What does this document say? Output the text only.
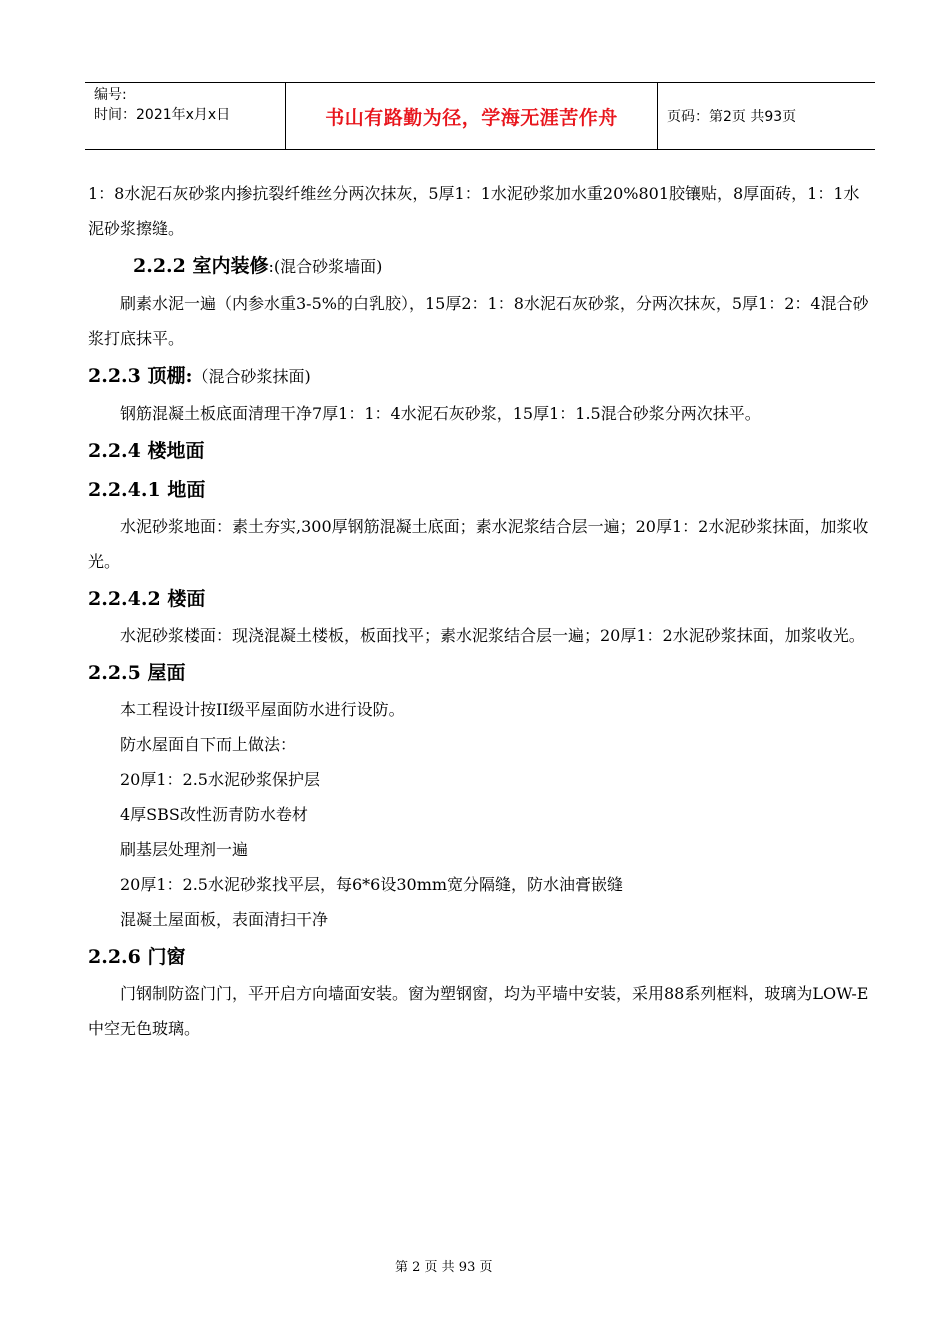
编号:
时间：2021年x月x日	书山有路勤为径，学海无涯苦作舟	页码：第2页 共93页

1：8水泥石灰砂浆内掺抗裂纤维丝分两次抹灰，5厚1：1水泥砂浆加水重20%801胶镶贴，8厚面砖，1：1水泥砂浆擦缝。

2.2.2 室内装修:(混合砂浆墙面)

刷素水泥一遍（内参水重3-5%的白乳胶），15厚2：1：8水泥石灰砂浆，分两次抹灰，5厚1：2：4混合砂浆打底抹平。

2.2.3 顶棚:（混合砂浆抹面)

钢筋混凝土板底面清理干净7厚1：1：4水泥石灰砂浆，15厚1：1.5混合砂浆分两次抹平。

2.2.4 楼地面
2.2.4.1 地面

水泥砂浆地面：素土夯实,300厚钢筋混凝土底面；素水泥浆结合层一遍；20厚1：2水泥砂浆抹面，加浆收光。

2.2.4.2 楼面

水泥砂浆楼面：现浇混凝土楼板，板面找平；素水泥浆结合层一遍；20厚1：2水泥砂浆抹面，加浆收光。

2.2.5 屋面

本工程设计按II级平屋面防水进行设防。

防水屋面自下而上做法：

20厚1：2.5水泥砂浆保护层

4厚SBS改性沥青防水卷材

刷基层处理剂一遍

20厚1：2.5水泥砂浆找平层，每6*6设30mm宽分隔缝，防水油膏嵌缝

混凝土屋面板，表面清扫干净

2.2.6 门窗

门钢制防盗门门，平开启方向墙面安装。窗为塑钢窗，均为平墙中安装，采用88系列框料，玻璃为LOW-E中空无色玻璃。

第 2 页 共 93 页
